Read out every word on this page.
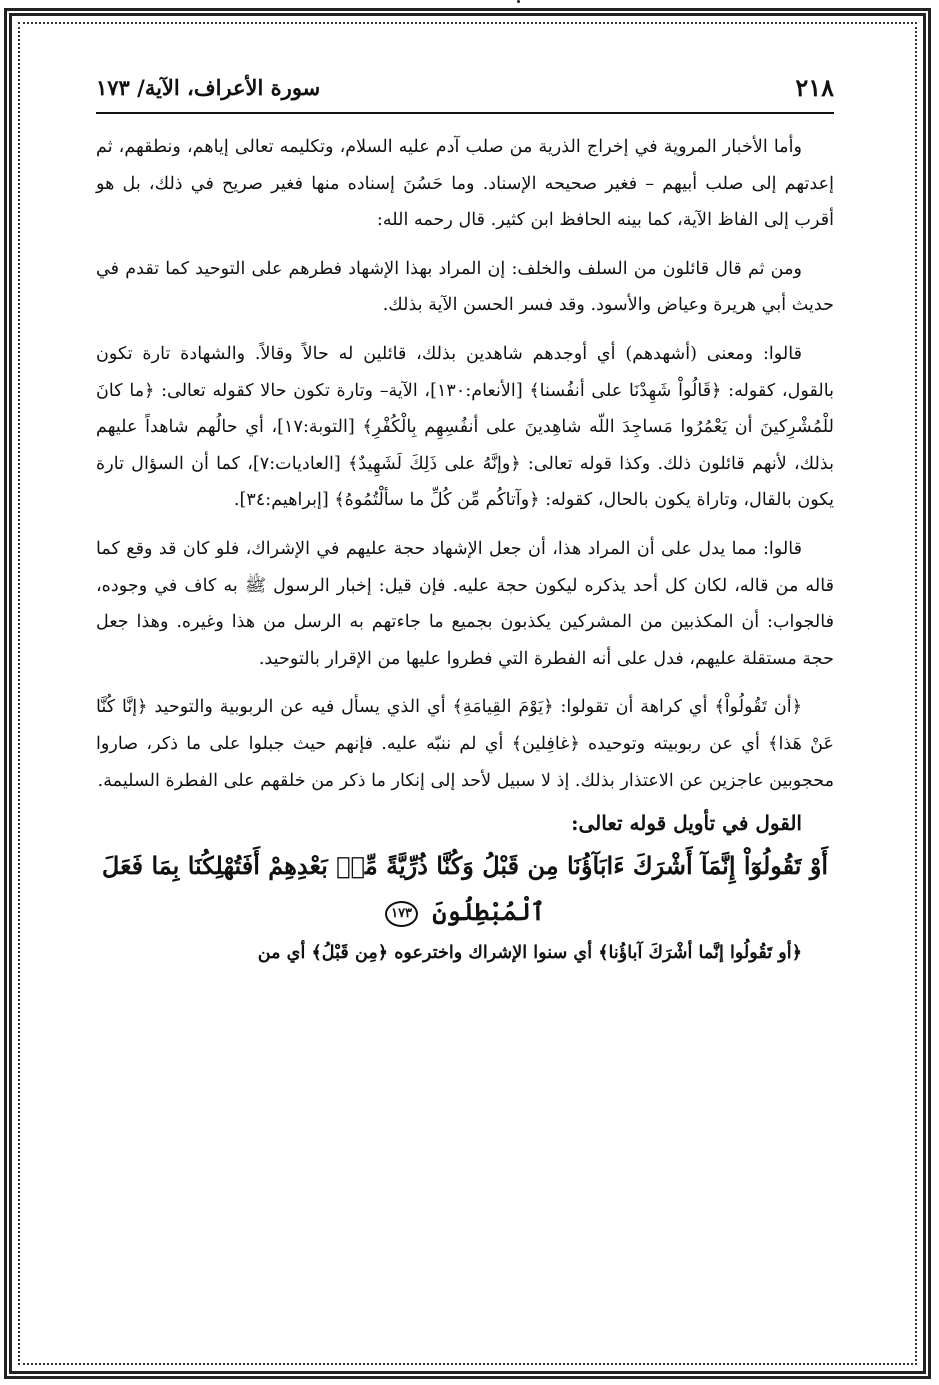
٢١٨
سورة الأعراف، الآية/ ١٧٣

وأما الأخبار المروية في إخراج الذرية من صلب آدم عليه السلام، وتكليمه تعالى إياهم، ونطقهم، ثم إعدتهم إلى صلب أبيهم – فغير صحيحه الإسناد. وما حَسُنَ إسناده منها فغير صريح في ذلك، بل هو أقرب إلى الفاظ الآية، كما بينه الحافظ ابن كثير. قال رحمه الله:

ومن ثم قال قائلون من السلف والخلف: إن المراد بهذا الإشهاد فطرهم على التوحيد كما تقدم في حديث أبي هريرة وعياض والأسود. وقد فسر الحسن الآية بذلك.

قالوا: ومعنى (أشهدهم) أي أوجدهم شاهدين بذلك، قائلين له حالاً وقالاً. والشهادة تارة تكون بالقول، كقوله: ﴿قَالُواْ شَهِدْنَا على أنفُسنا﴾ [الأنعام:١٣٠]، الآية– وتارة تكون حالا كقوله تعالى: ﴿ما كانَ للْمُشْرِكينَ أن يَعْمُرُوا مَساجِدَ اللّه شاهِدينَ على أنفُسِهِم بِالْكُفْرِ﴾ [التوبة:١٧]، أي حالُهم شاهداً عليهم بذلك، لأنهم قائلون ذلك. وكذا قوله تعالى: ﴿وإنَّهُ على ذَلِكَ لَشَهِيدٌ﴾ [العاديات:٧]، كما أن السؤال تارة يكون بالقال، وتاراة يكون بالحال، كقوله: ﴿وآتاكُم مِّن كُلِّ ما سألْتُمُوهُ﴾ [إبراهيم:٣٤].

قالوا: مما يدل على أن المراد هذا، أن جعل الإشهاد حجة عليهم في الإشراك، فلو كان قد وقع كما قاله من قاله، لكان كل أحد يذكره ليكون حجة عليه. فإن قيل: إخبار الرسول ﷺ به كاف في وجوده، فالجواب: أن المكذبين من المشركين يكذبون بجميع ما جاءتهم به الرسل من هذا وغيره. وهذا جعل حجة مستقلة عليهم، فدل على أنه الفطرة التي فطروا عليها من الإقرار بالتوحيد.

﴿أن تَقُولُواْ﴾ أي كراهة أن تقولوا: ﴿يَوْمَ القِيامَةِ﴾ أي الذي يسأل فيه عن الربوبية والتوحيد ﴿إنَّا كُنَّا عَنْ هَذا﴾ أي عن ربوبيته وتوحيده ﴿غافِلين﴾ أي لم ننبّه عليه. فإنهم حيث جبلوا على ما ذكر، صاروا محجوبين عاجزين عن الاعتذار بذلك. إذ لا سبيل لأحد إلى إنكار ما ذكر من خلقهم على الفطرة السليمة.

القول في تأويل قوله تعالى:
أَوْ تَقُولُوٓاْ إِنَّمَآ أَشْرَكَ ءَابَآؤُنَا مِن قَبْلُ وَكُنَّا ذُرِّيَّةً مِّنۢ بَعْدِهِمْ أَفَتُهْلِكُنَا بِمَا فَعَلَ
ٱلْمُبْطِلُونَ ١٧٣

﴿أو تَقُولُوا إنَّما أشْرَكَ آباؤُنا﴾ أي سنوا الإشراك واخترعوه ﴿مِن قَبْلُ﴾ أي من
